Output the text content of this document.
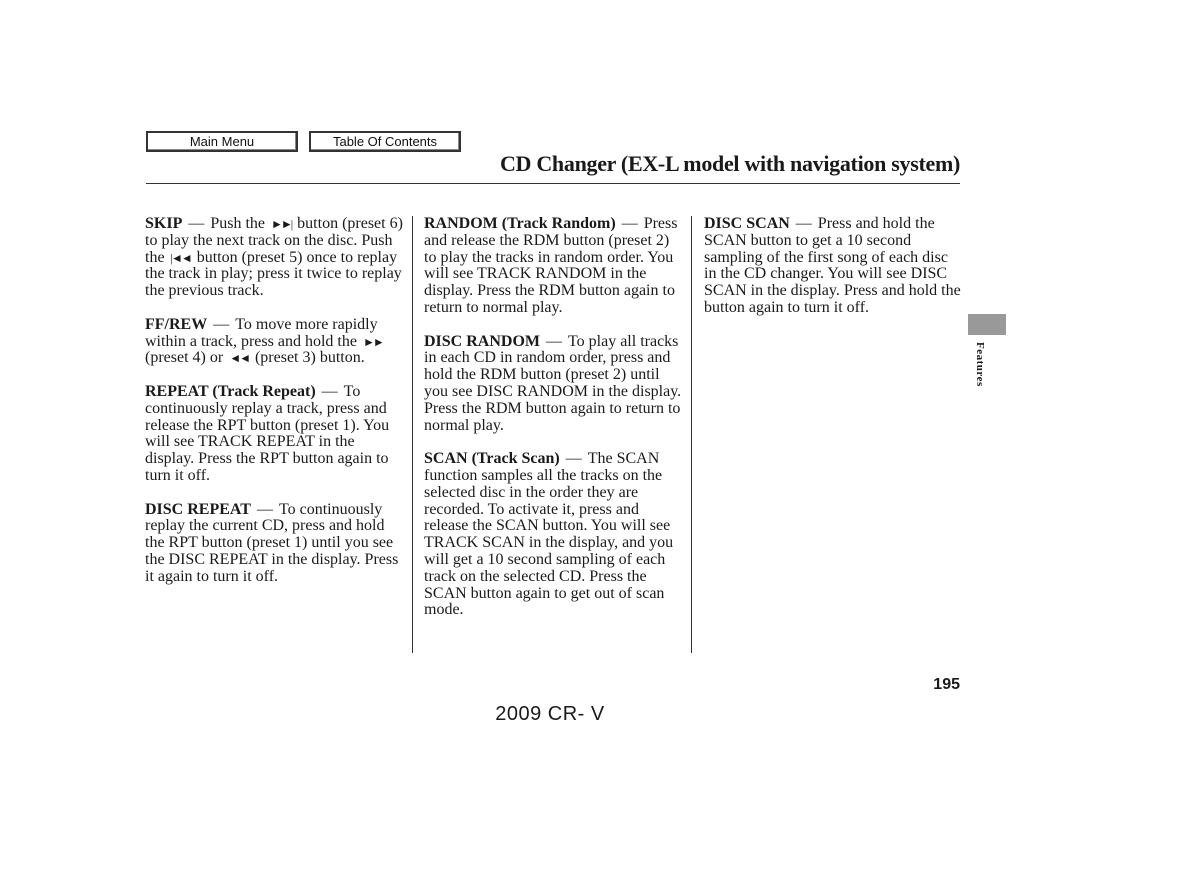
Main Menu	Table Of Contents
CD Changer (EX-L model with navigation system)

SKIP — Push the ►►| button (preset 6) to play the next track on the disc. Push the |◄◄ button (preset 5) once to replay the track in play; press it twice to replay the previous track.

FF/REW — To move more rapidly within a track, press and hold the ►► (preset 4) or ◄◄ (preset 3) button.

REPEAT (Track Repeat) — To continuously replay a track, press and release the RPT button (preset 1). You will see TRACK REPEAT in the display. Press the RPT button again to turn it off.

DISC REPEAT — To continuously replay the current CD, press and hold the RPT button (preset 1) until you see the DISC REPEAT in the display. Press it again to turn it off.

RANDOM (Track Random) — Press and release the RDM button (preset 2) to play the tracks in random order. You will see TRACK RANDOM in the display. Press the RDM button again to return to normal play.

DISC RANDOM — To play all tracks in each CD in random order, press and hold the RDM button (preset 2) until you see DISC RANDOM in the display. Press the RDM button again to return to normal play.

SCAN (Track Scan) — The SCAN function samples all the tracks on the selected disc in the order they are recorded. To activate it, press and release the SCAN button. You will see TRACK SCAN in the display, and you will get a 10 second sampling of each track on the selected CD. Press the SCAN button again to get out of scan mode.

DISC SCAN — Press and hold the SCAN button to get a 10 second sampling of the first song of each disc in the CD changer. You will see DISC SCAN in the display. Press and hold the button again to turn it off.

Features
195
2009 CR- V
